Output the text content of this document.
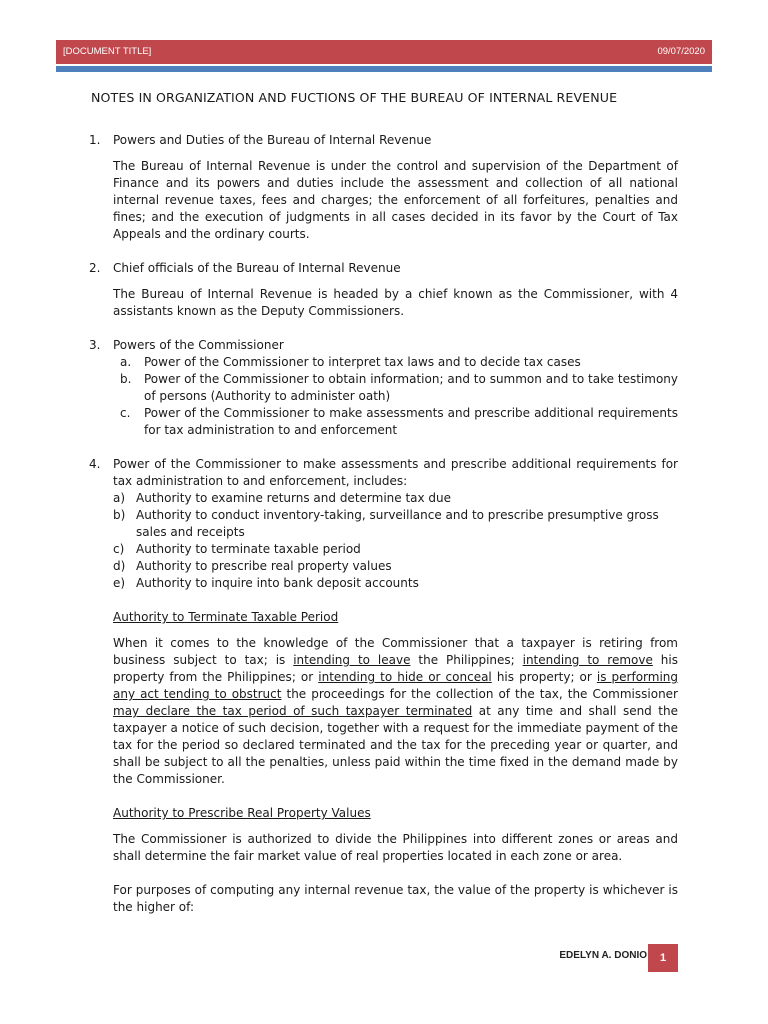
[DOCUMENT TITLE]	09/07/2020
NOTES IN ORGANIZATION AND FUCTIONS OF THE BUREAU OF INTERNAL REVENUE
1. Powers and Duties of the Bureau of Internal Revenue

The Bureau of Internal Revenue is under the control and supervision of the Department of Finance and its powers and duties include the assessment and collection of all national internal revenue taxes, fees and charges; the enforcement of all forfeitures, penalties and fines; and the execution of judgments in all cases decided in its favor by the Court of Tax Appeals and the ordinary courts.

2. Chief officials of the Bureau of Internal Revenue

The Bureau of Internal Revenue is headed by a chief known as the Commissioner, with 4 assistants known as the Deputy Commissioners.

3. Powers of the Commissioner

a. Power of the Commissioner to interpret tax laws and to decide tax cases
b. Power of the Commissioner to obtain information; and to summon and to take testimony of persons (Authority to administer oath)
c. Power of the Commissioner to make assessments and prescribe additional requirements for tax administration to and enforcement
4. Power of the Commissioner to make assessments and prescribe additional requirements for tax administration to and enforcement, includes:

a) Authority to examine returns and determine tax due
b) Authority to conduct inventory-taking, surveillance and to prescribe presumptive gross sales and receipts
c) Authority to terminate taxable period
d) Authority to prescribe real property values
e) Authority to inquire into bank deposit accounts

Authority to Terminate Taxable Period

When it comes to the knowledge of the Commissioner that a taxpayer is retiring from business subject to tax; is intending to leave the Philippines; intending to remove his property from the Philippines; or intending to hide or conceal his property; or is performing any act tending to obstruct the proceedings for the collection of the tax, the Commissioner may declare the tax period of such taxpayer terminated at any time and shall send the taxpayer a notice of such decision, together with a request for the immediate payment of the tax for the period so declared terminated and the tax for the preceding year or quarter, and shall be subject to all the penalties, unless paid within the time fixed in the demand made by the Commissioner.

Authority to Prescribe Real Property Values

The Commissioner is authorized to divide the Philippines into different zones or areas and shall determine the fair market value of real properties located in each zone or area.

For purposes of computing any internal revenue tax, the value of the property is whichever is the higher of:

EDELYN A. DONIO	1
